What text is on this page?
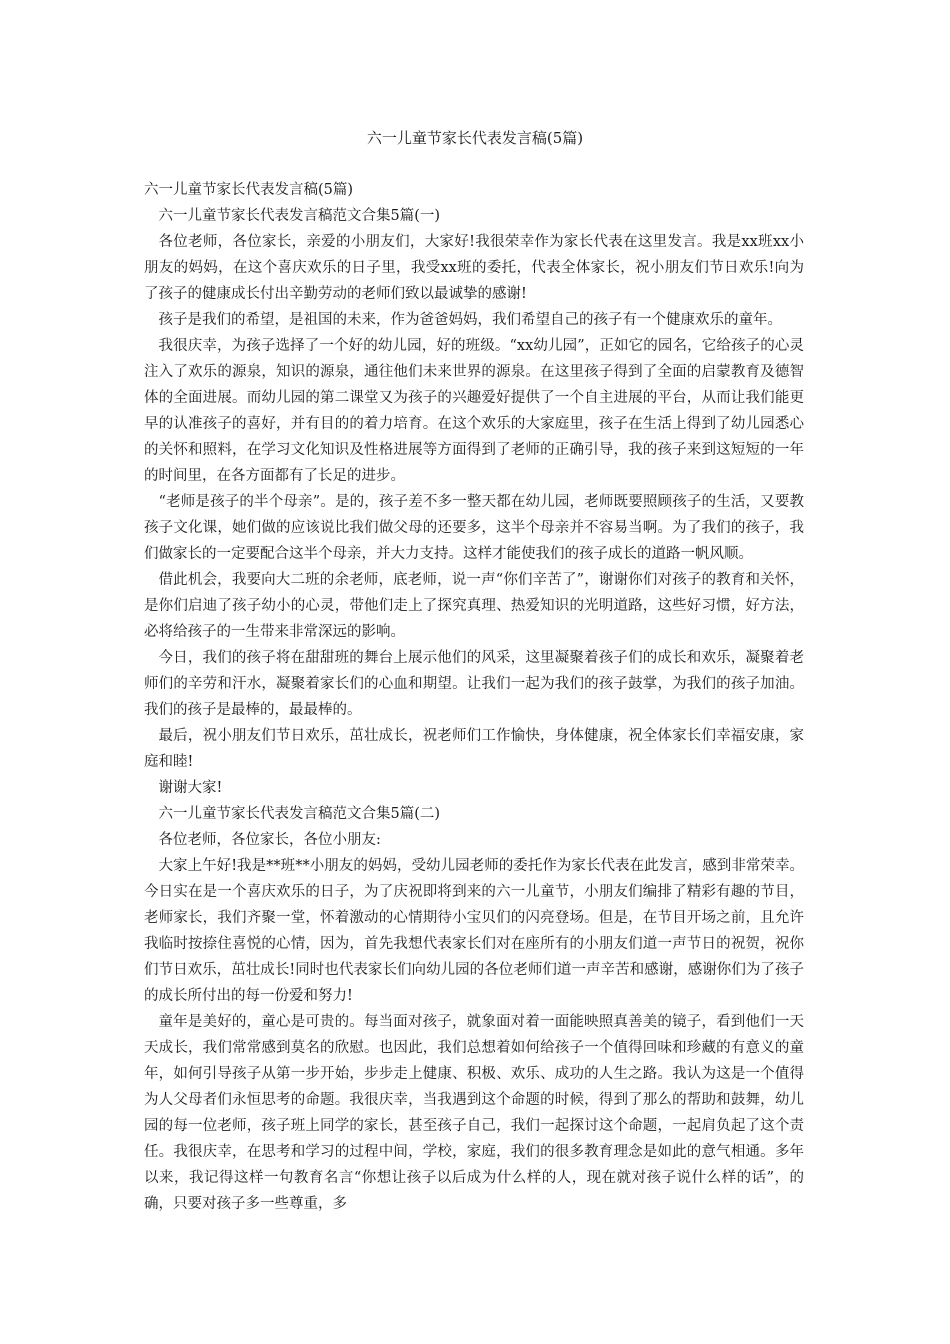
六一儿童节家长代表发言稿(5篇)

六一儿童节家长代表发言稿(5篇)

六一儿童节家长代表发言稿范文合集5篇(一)

各位老师，各位家长，亲爱的小朋友们，大家好!我很荣幸作为家长代表在这里发言。我是xx班xx小朋友的妈妈，在这个喜庆欢乐的日子里，我受xx班的委托，代表全体家长，祝小朋友们节日欢乐!向为了孩子的健康成长付出辛勤劳动的老师们致以最诚挚的感谢!

孩子是我们的希望，是祖国的未来，作为爸爸妈妈，我们希望自己的孩子有一个健康欢乐的童年。

我很庆幸，为孩子选择了一个好的幼儿园，好的班级。“xx幼儿园”，正如它的园名，它给孩子的心灵注入了欢乐的源泉，知识的源泉，通往他们未来世界的源泉。在这里孩子得到了全面的启蒙教育及德智体的全面进展。而幼儿园的第二课堂又为孩子的兴趣爱好提供了一个自主进展的平台，从而让我们能更早的认准孩子的喜好，并有目的的着力培育。在这个欢乐的大家庭里，孩子在生活上得到了幼儿园悉心的关怀和照料，在学习文化知识及性格进展等方面得到了老师的正确引导，我的孩子来到这短短的一年的时间里，在各方面都有了长足的进步。

“老师是孩子的半个母亲”。是的，孩子差不多一整天都在幼儿园，老师既要照顾孩子的生活，又要教孩子文化课，她们做的应该说比我们做父母的还要多，这半个母亲并不容易当啊。为了我们的孩子，我们做家长的一定要配合这半个母亲，并大力支持。这样才能使我们的孩子成长的道路一帆风顺。

借此机会，我要向大二班的余老师，底老师，说一声“你们辛苦了”，谢谢你们对孩子的教育和关怀，是你们启迪了孩子幼小的心灵，带他们走上了探究真理、热爱知识的光明道路，这些好习惯，好方法，必将给孩子的一生带来非常深远的影响。

今日，我们的孩子将在甜甜班的舞台上展示他们的风采，这里凝聚着孩子们的成长和欢乐，凝聚着老师们的辛劳和汗水，凝聚着家长们的心血和期望。让我们一起为我们的孩子鼓掌，为我们的孩子加油。我们的孩子是最棒的，最最棒的。

最后，祝小朋友们节日欢乐，茁壮成长，祝老师们工作愉快，身体健康，祝全体家长们幸福安康，家庭和睦!

谢谢大家!

六一儿童节家长代表发言稿范文合集5篇(二)

各位老师，各位家长，各位小朋友:

大家上午好!我是**班**小朋友的妈妈，受幼儿园老师的委托作为家长代表在此发言，感到非常荣幸。今日实在是一个喜庆欢乐的日子，为了庆祝即将到来的六一儿童节，小朋友们编排了精彩有趣的节目，老师家长，我们齐聚一堂，怀着激动的心情期待小宝贝们的闪亮登场。但是，在节目开场之前，且允许我临时按捺住喜悦的心情，因为，首先我想代表家长们对在座所有的小朋友们道一声节日的祝贺，祝你们节日欢乐，茁壮成长!同时也代表家长们向幼儿园的各位老师们道一声辛苦和感谢，感谢你们为了孩子的成长所付出的每一份爱和努力!

童年是美好的，童心是可贵的。每当面对孩子，就象面对着一面能映照真善美的镜子，看到他们一天天成长，我们常常感到莫名的欣慰。也因此，我们总想着如何给孩子一个值得回味和珍藏的有意义的童年，如何引导孩子从第一步开始，步步走上健康、积极、欢乐、成功的人生之路。我认为这是一个值得为人父母者们永恒思考的命题。我很庆幸，当我遇到这个命题的时候，得到了那么的帮助和鼓舞，幼儿园的每一位老师，孩子班上同学的家长，甚至孩子自己，我们一起探讨这个命题，一起肩负起了这个责任。我很庆幸，在思考和学习的过程中间，学校，家庭，我们的很多教育理念是如此的意气相通。多年以来，我记得这样一句教育名言“你想让孩子以后成为什么样的人，现在就对孩子说什么样的话”，的确，只要对孩子多一些尊重，多
